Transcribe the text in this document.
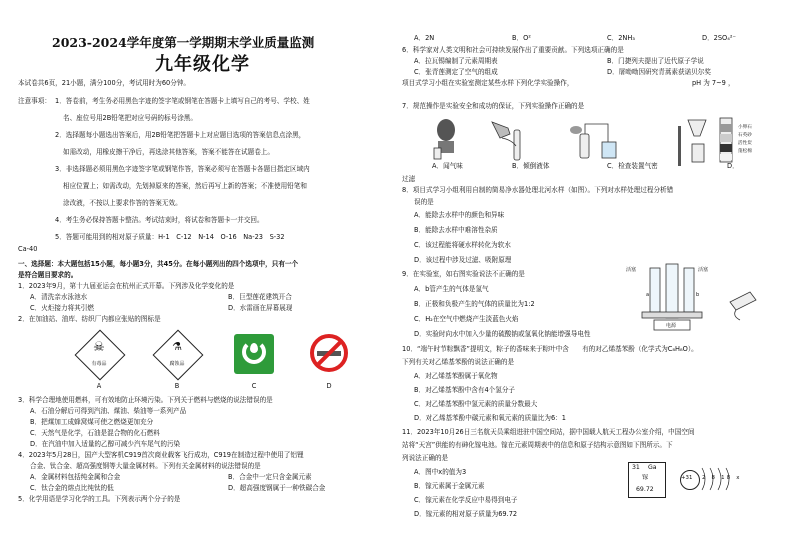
2023-2024学年度第一学期期末学业质量监测
九年级化学
本试卷共6页，21小题，满分100分，考试用时为60分钟。
注意事项： 1．答卷前，考生务必用黑色字迹的签字笔或钢笔在答题卡上填写自己的考号、学校、姓
名、座位号用2B铅笔把对应号码的标号涂黑。
2．选择题每小题选出答案后，用2B铅笔把答题卡上对应题目选项的答案信息点涂黑，
如需改动，用橡皮擦干净后，再选涂其他答案，答案不能答在试题卷上。
3．非选择题必须用黑色字迹签字笔或钢笔作答，答案必须写在答题卡各题目指定区域内
相应位置上；如需改动，先划掉原来的答案，然后再写上新的答案；不准使用铅笔和
涂改液，不按以上要求作答的答案无效。
4．考生务必保持答题卡整洁。考试结束时，将试卷和答题卡一并交回。
5．答题可能用到的相对原子质量：H-1　C-12　N-14　O-16　Na-23　S-32
Ca-40
一、选择题：本大题包括15小题，每小题3分，共45分。在每小题列出的四个选项中，只有一个
是符合题目要求的。
1．2023年9月，第十九届亚运会在杭州正式开幕。下列涉及化学变化的是
A．清洗亲水泳池水	B．巨型莲花建筑开合
C．火炬接力将其引燃	D．水雷画在屏幕展现
2．在加油站、油库、纺织厂内都应张贴的图标是
☠
有毒品
A
⚗
腐蚀品
B	C	D
3．科学合理地使用燃料，可有效地防止环境污染。下列关于燃料与燃烧的说法错误的是
A．石油分解后可得到汽油、煤油、柴油等一系列产品
B．把煤加工成蜂窝煤可使之燃烧更加充分
C．天然气是化学，石油是混合物的化石燃料
D．在汽油中加入适量的乙醇可减少汽车尾气的污染
4．2023年5月28日，国产大型客机C919首次商业载客飞行成功，C919在制造过程中使用了铝锂
合金、钛合金、超高强度钢等大量金属材料。下列有关金属材料的说法错误的是
A．金属材料包括纯金属和合金	B．合金中一定只含金属元素
C．钛合金的熔点比纯钛的低	D．超高强度钢属于一种铁碳合金
5．化学用语是学习化学的工具。下列表示两个分子的是
A．2N	B．O²	C．2NH₃	D．2SO₄²⁻
6．科学家对人类文明和社会可持续发展作出了重要贡献。下列选项正确的是
A．拉瓦锡编制了元素周期表	B．门捷列夫提出了近代原子学说
C．张青莲测定了空气的组成	D．屠呦呦因研究青蒿素获诺贝尔奖
项目式学习小组在实验室测定某些水样下列化学实验操作，	pH 为 7~9 ，
7．规范操作是实验安全和成功的保证，下列实验操作正确的是
小卵石
石英砂
活性炭
蓬松棉
A．闻气味	B．倾倒液体	C．检查装置气密	D．
过滤
8．项目式学习小组利用自制的简易净水器处理北河水样（如图）。下列对水样处理过程分析错
误的是
A．能除去水样中的颜色和异味
B．能除去水样中难溶性杂质
C．该过程能将硬水样转化为软水
D．该过程中涉及过滤、吸附原理
9．在实验室，如右图实验说法不正确的是
A．b管产生的气体是氢气
B．正极和负极产生的气体的质量比为1:2
C．H₂在空气中燃烧产生淡蓝色火焰
D．实验时向水中加入少量的硫酸钠或氢氧化钠能增强导电性
活塞	活塞
a	b
电源
10．“端午时节粽飘香”提明文，粽子的香味来于粽叶中含　　有的对乙烯基苯酚（化学式为C₈H₈O）。
下列有关对乙烯基苯酚的说法正确的是
A．对乙烯基苯酚属于氧化物
B．对乙烯基苯酚中含有4个氢分子
C．对乙烯基苯酚中氢元素的质量分数最大
D．对乙烯基苯酚中碳元素和氧元素的质量比为6：1
11．2023年10月26日三名航天员乘组进驻中国空间站，据中国载人航天工程办公室介绍，中国空间
站将“天宫”供能的有砷化镓电池。镓在元素周期表中的信息和原子结构示意图如下图所示。下
列说法正确的是
A．图中x的值为3
B．镓元素属于金属元素
C．镓元素在化学反应中易得到电子
D．镓元素的相对原子质量为69.72
31 Ga
镓
69.72
+31 2 8 18 x
